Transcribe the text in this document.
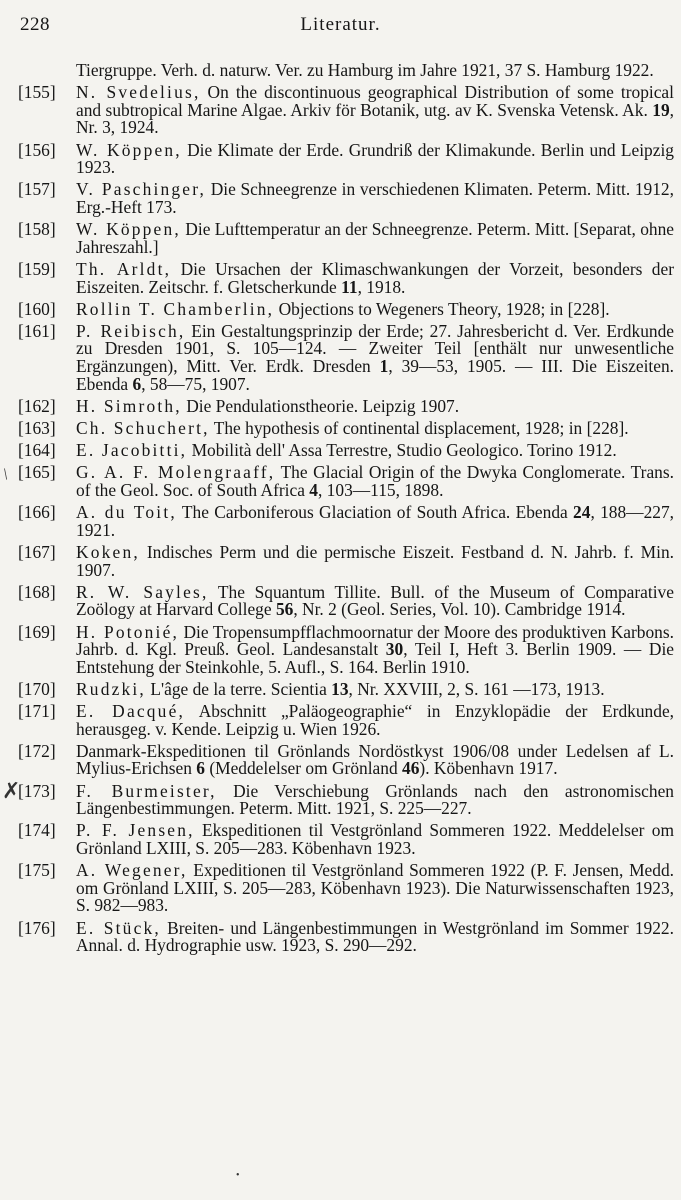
228	Literatur.
Tiergruppe. Verh. d. naturw. Ver. zu Hamburg im Jahre 1921, 37 S. Hamburg 1922.
[155] N. Svedelius, On the discontinuous geographical Distribution of some tropical and subtropical Marine Algae. Arkiv för Botanik, utg. av K. Svenska Vetensk. Ak. 19, Nr. 3, 1924.
[156] W. Köppen, Die Klimate der Erde. Grundriß der Klimakunde. Berlin und Leipzig 1923.
[157] V. Paschinger, Die Schneegrenze in verschiedenen Klimaten. Peterm. Mitt. 1912, Erg.-Heft 173.
[158] W. Köppen, Die Lufttemperatur an der Schneegrenze. Peterm. Mitt. [Separat, ohne Jahreszahl.]
[159] Th. Arldt, Die Ursachen der Klimaschwankungen der Vorzeit, besonders der Eiszeiten. Zeitschr. f. Gletscherkunde 11, 1918.
[160] Rollin T. Chamberlin, Objections to Wegeners Theory, 1928; in [228].
[161] P. Reibisch, Ein Gestaltungsprinzip der Erde; 27. Jahresbericht d. Ver. Erdkunde zu Dresden 1901, S. 105—124. — Zweiter Teil [enthält nur unwesentliche Ergänzungen), Mitt. Ver. Erdk. Dresden 1, 39—53, 1905. — III. Die Eiszeiten. Ebenda 6, 58—75, 1907.
[162] H. Simroth, Die Pendulationstheorie. Leipzig 1907.
[163] Ch. Schuchert, The hypothesis of continental displacement, 1928; in [228].
[164] E. Jacobitti, Mobilità dell' Assa Terrestre, Studio Geologico. Torino 1912.
[165] G. A. F. Molengraaff, The Glacial Origin of the Dwyka Conglomerate. Trans. of the Geol. Soc. of South Africa 4, 103—115, 1898.
[166] A. du Toit, The Carboniferous Glaciation of South Africa. Ebenda 24, 188—227, 1921.
[167] Koken, Indisches Perm und die permische Eiszeit. Festband d. N. Jahrb. f. Min. 1907.
[168] R. W. Sayles, The Squantum Tillite. Bull. of the Museum of Comparative Zoölogy at Harvard College 56, Nr. 2 (Geol. Series, Vol. 10). Cambridge 1914.
[169] H. Potonié, Die Tropensumpfflachmoornatur der Moore des produktiven Karbons. Jahrb. d. Kgl. Preuß. Geol. Landesanstalt 30, Teil I, Heft 3. Berlin 1909. — Die Entstehung der Steinkohle, 5. Aufl., S. 164. Berlin 1910.
[170] Rudzki, L'âge de la terre. Scientia 13, Nr. XXVIII, 2, S. 161 —173, 1913.
[171] E. Dacqué, Abschnitt „Paläogeographie“ in Enzyklopädie der Erdkunde, herausgeg. v. Kende. Leipzig u. Wien 1926.
[172] Danmark-Ekspeditionen til Grönlands Nordöstkyst 1906/08 under Ledelsen af L. Mylius-Erichsen 6 (Meddelelser om Grönland 46). Köbenhavn 1917.
[173] F. Burmeister, Die Verschiebung Grönlands nach den astronomischen Längenbestimmungen. Peterm. Mitt. 1921, S. 225—227.
[174] P. F. Jensen, Ekspeditionen til Vestgrönland Sommeren 1922. Meddelelser om Grönland LXIII, S. 205—283. Köbenhavn 1923.
[175] A. Wegener, Expeditionen til Vestgrönland Sommeren 1922 (P. F. Jensen, Medd. om Grönland LXIII, S. 205—283, Köbenhavn 1923). Die Naturwissenschaften 1923, S. 982—983.
[176] E. Stück, Breiten- und Längenbestimmungen in Westgrönland im Sommer 1922. Annal. d. Hydrographie usw. 1923, S. 290—292.
✗
/
•
